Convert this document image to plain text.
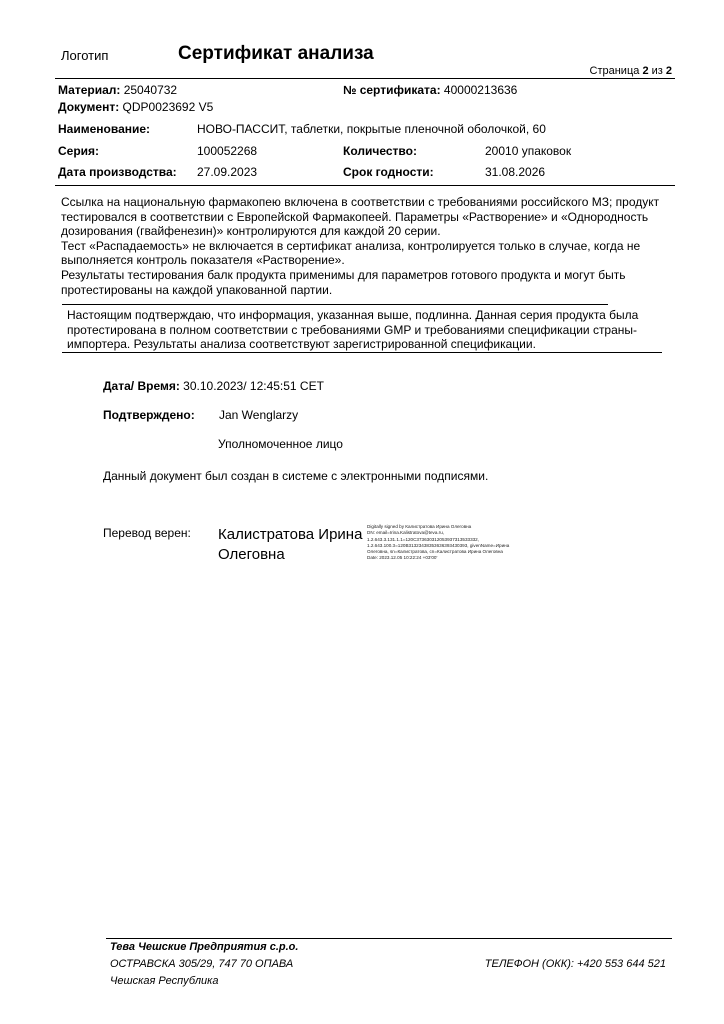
Логотип	Сертификат анализа
Страница 2 из 2
Материал: 25040732	№ сертификата: 40000213636
Документ: QDP0023692 V5
Наименование:	НОВО-ПАССИТ, таблетки, покрытые пленочной оболочкой, 60
Серия:	100052268	Количество:	20010 упаковок
Дата производства: 27.09.2023	Срок годности:	31.08.2026
Ссылка на национальную фармакопею включена в соответствии с требованиями российского МЗ; продукт
тестировался в соответствии с Европейской Фармакопеей. Параметры «Растворение» и «Однородность
дозирования (гвайфенезин)» контролируются для каждой 20 серии.
Тест «Распадаемость» не включается в сертификат анализа, контролируется только в случае, когда не
выполняется контроль показателя «Растворение».
Результаты тестирования балк продукта применимы для параметров готового продукта и могут быть
протестированы на каждой упакованной партии.
Настоящим подтверждаю, что информация, указанная выше, подлинна. Данная серия продукта была
протестирована в полном соответствии с требованиями GMP и требованиями спецификации страны-
импортера. Результаты анализа соответствуют зарегистрированной спецификации.
Дата/ Время: 30.10.2023/ 12:45:51 CET
Подтверждено: Jan Wenglarzy
Уполномоченное лицо
Данный документ был создан в системе с электронными подписями.
Перевод верен: Калистратова Ирина
Олеговна
Digitally signed by Калистратова Ирина Олеговна
DN: email=Irina.Kalistratova@teva.ru,
1.2.643.3.131.1.1=120C373630312053937313533332,
1.2.643.100.3=120B31323438353636393430393, givenName=Ирина
Олеговна, sn=Калистратова, cn=Калистратова Ирина Олеговна
Date: 2023.12.05 10:22:24 +03'00'
Тева Чешские Предприятия с.р.о.
ОСТРАВСКА 305/29, 747 70 ОПАВА
Чешская Республика
ТЕЛЕФОН (ОКК): +420 553 644 521
